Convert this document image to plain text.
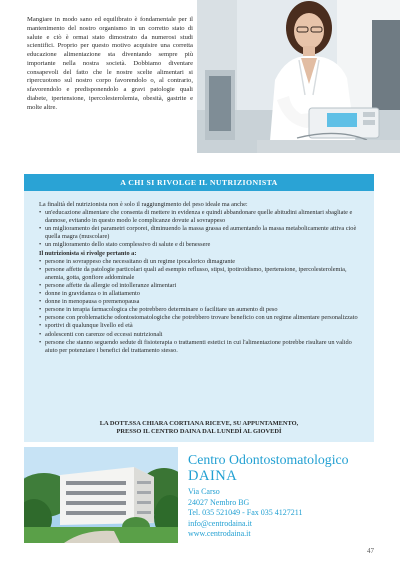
Mangiare in modo sano ed equilibrato è fondamentale per il mantenimento del nostro organismo in un corretto stato di salute e ciò è ormai stato dimostrato da numerosi studi scientifici. Proprio per questo motivo acquisire una corretta educazione alimentazione sta diventando sempre più importante nella nostra società. Dobbiamo diventare consapevoli del fatto che le nostre scelte alimentari si ripercuotono sul nostro corpo favorendolo o, al contrario, sfavorendolo e predisponendolo a gravi patologie quali diabete, ipertensione, ipercolesterolemia, obesità, gastrite e molte altre.

A CHI SI RIVOLGE IL NUTRIZIONISTA

La finalità del nutrizionista non è solo il raggiungimento del peso ideale ma anche:

• un'educazione alimentare che consenta di mettere in evidenza e quindi abbandonare quelle abitudini alimentari sbagliate e dannose, evitando in questo modo le complicanze dovute al sovrappeso
• un miglioramento dei parametri corporei, diminuendo la massa grassa ed aumentando la massa metabolicamente attiva cioè quella magra (muscolare)
• un miglioramento dello stato complessivo di salute e di benessere

Il nutrizionista si rivolge pertanto a:

• persone in sovrappeso che necessitano di un regime ipocalorico dimagrante
• persone affette da patologie particolari quali ad esempio reflusso, stipsi, ipotiroidismo, ipertensione, ipercolesterolemia, anemia, gotta, gonfiore addominale
• persone affette da allergie od intolleranze alimentari
• donne in gravidanza o in allattamento
• donne in menopausa o premenopausa
• persone in terapia farmacologica che potrebbero determinare o facilitare un aumento di peso
• persone con problematiche odontostomatologiche che potrebbero trovare beneficio con un regime alimentare personalizzato
• sportivi di qualunque livello ed età
• adolescenti con carenze od eccessi nutrizionali
• persone che stanno seguendo sedute di fisioterapia o trattamenti estetici in cui l'alimentazione potrebbe risultare un valido aiuto per potenziare i benefici del trattamento stesso.
LA DOTT.SSA CHIARA CORTIANA RICEVE, SU APPUNTAMENTO,
PRESSO IL CENTRO DAINA DAL LUNEDÌ AL GIOVEDÌ
Centro Odontostomatologico
DAINA
Via Carso
24027 Nembro BG
Tel. 035 521049 - Fax 035 4127211
info@centrodaina.it
www.centrodaina.it
47
